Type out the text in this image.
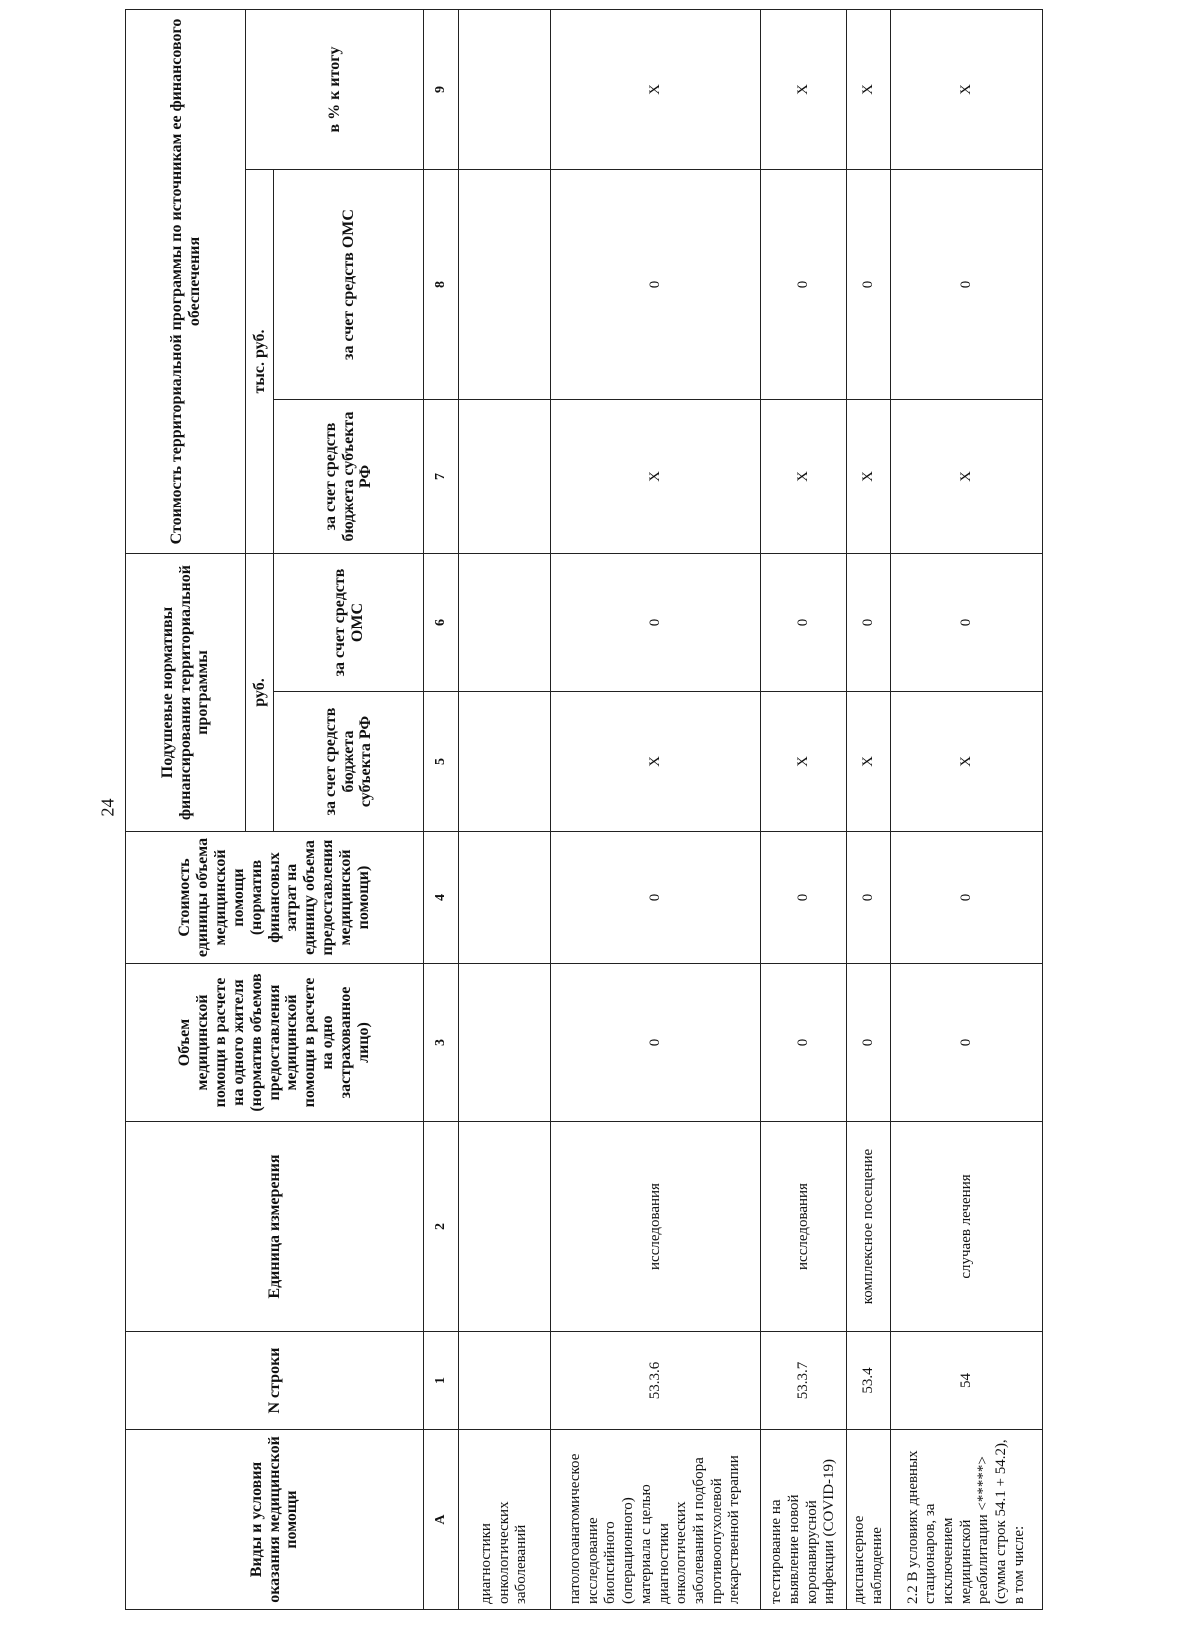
24
Виды и условия оказания медицинской помощи	N строки	Единица измерения	Объем медицинской помощи в расчете на одного жителя (норматив объемов предоставления медицинской помощи в расчете на одно застрахованное лицо)	Стоимость единицы объема медицинской помощи (норматив финансовых затрат на единицу объема предоставления медицинской помощи)	Подушевые нормативы финансирования территориальной программы		Стоимость территориальной программы по источникам ее финансового обеспечения		
					руб.		тыс. руб.		в % к итогу
					за счет средств бюджета субъекта РФ	за счет средств ОМС	за счет средств бюджета субъекта РФ	за счет средств ОМС	
А	1	2	3	4	5	6	7	8	9
диагностики онкологических заболеваний									
патологоанатомическое исследование биопсийного (операционного) материала с целью диагностики онкологических заболеваний и подбора противоопухолевой лекарственной терапии	53.3.6	исследования	0	0	X	0	X	0	X
тестирование на выявление новой коронавирусной инфекции (COVID-19)	53.3.7	исследования	0	0	X	0	X	0	X
диспансерное наблюдение	53.4	комплексное посещение	0	0	X	0	X	0	X
2.2 В условиях дневных стационаров, за исключением медицинской реабилитации <*****> (сумма строк 54.1 + 54.2), в том числе:	54	случаев лечения	0	0	X	0	X	0	X
